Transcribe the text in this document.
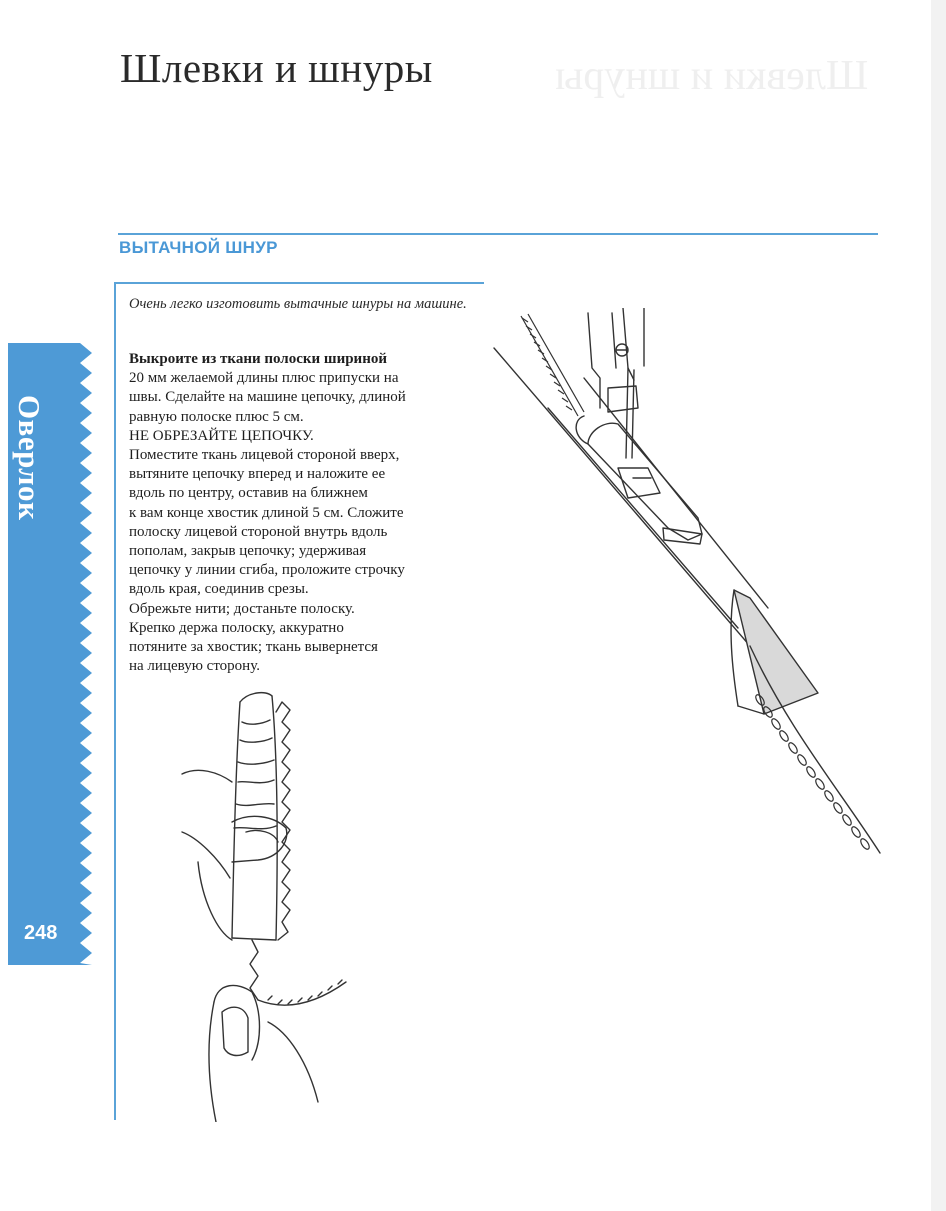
Шлевки и шнуры
Шлевки и шнуры
ВЫТАЧНОЙ ШНУР
Оверлок
248

Очень легко изготовить вытачные шнуры на машине.

Выкроите из ткани полоски шириной
20 мм желаемой длины плюс припуски на
швы. Сделайте на машине цепочку, длиной
равную полоске плюс 5 см.
НЕ ОБРЕЗАЙТЕ ЦЕПОЧКУ.
Поместите ткань лицевой стороной вверх,
вытяните цепочку вперед и наложите ее
вдоль по центру, оставив на ближнем
к вам конце хвостик длиной 5 см. Сложите
полоску лицевой стороной внутрь вдоль
пополам, закрыв цепочку; удерживая
цепочку у линии сгиба, проложите строчку
вдоль края, соединив срезы.
Обрежьте нити; достаньте полоску.
Крепко держа полоску, аккуратно
потяните за хвостик; ткань вывернется
на лицевую сторону.
